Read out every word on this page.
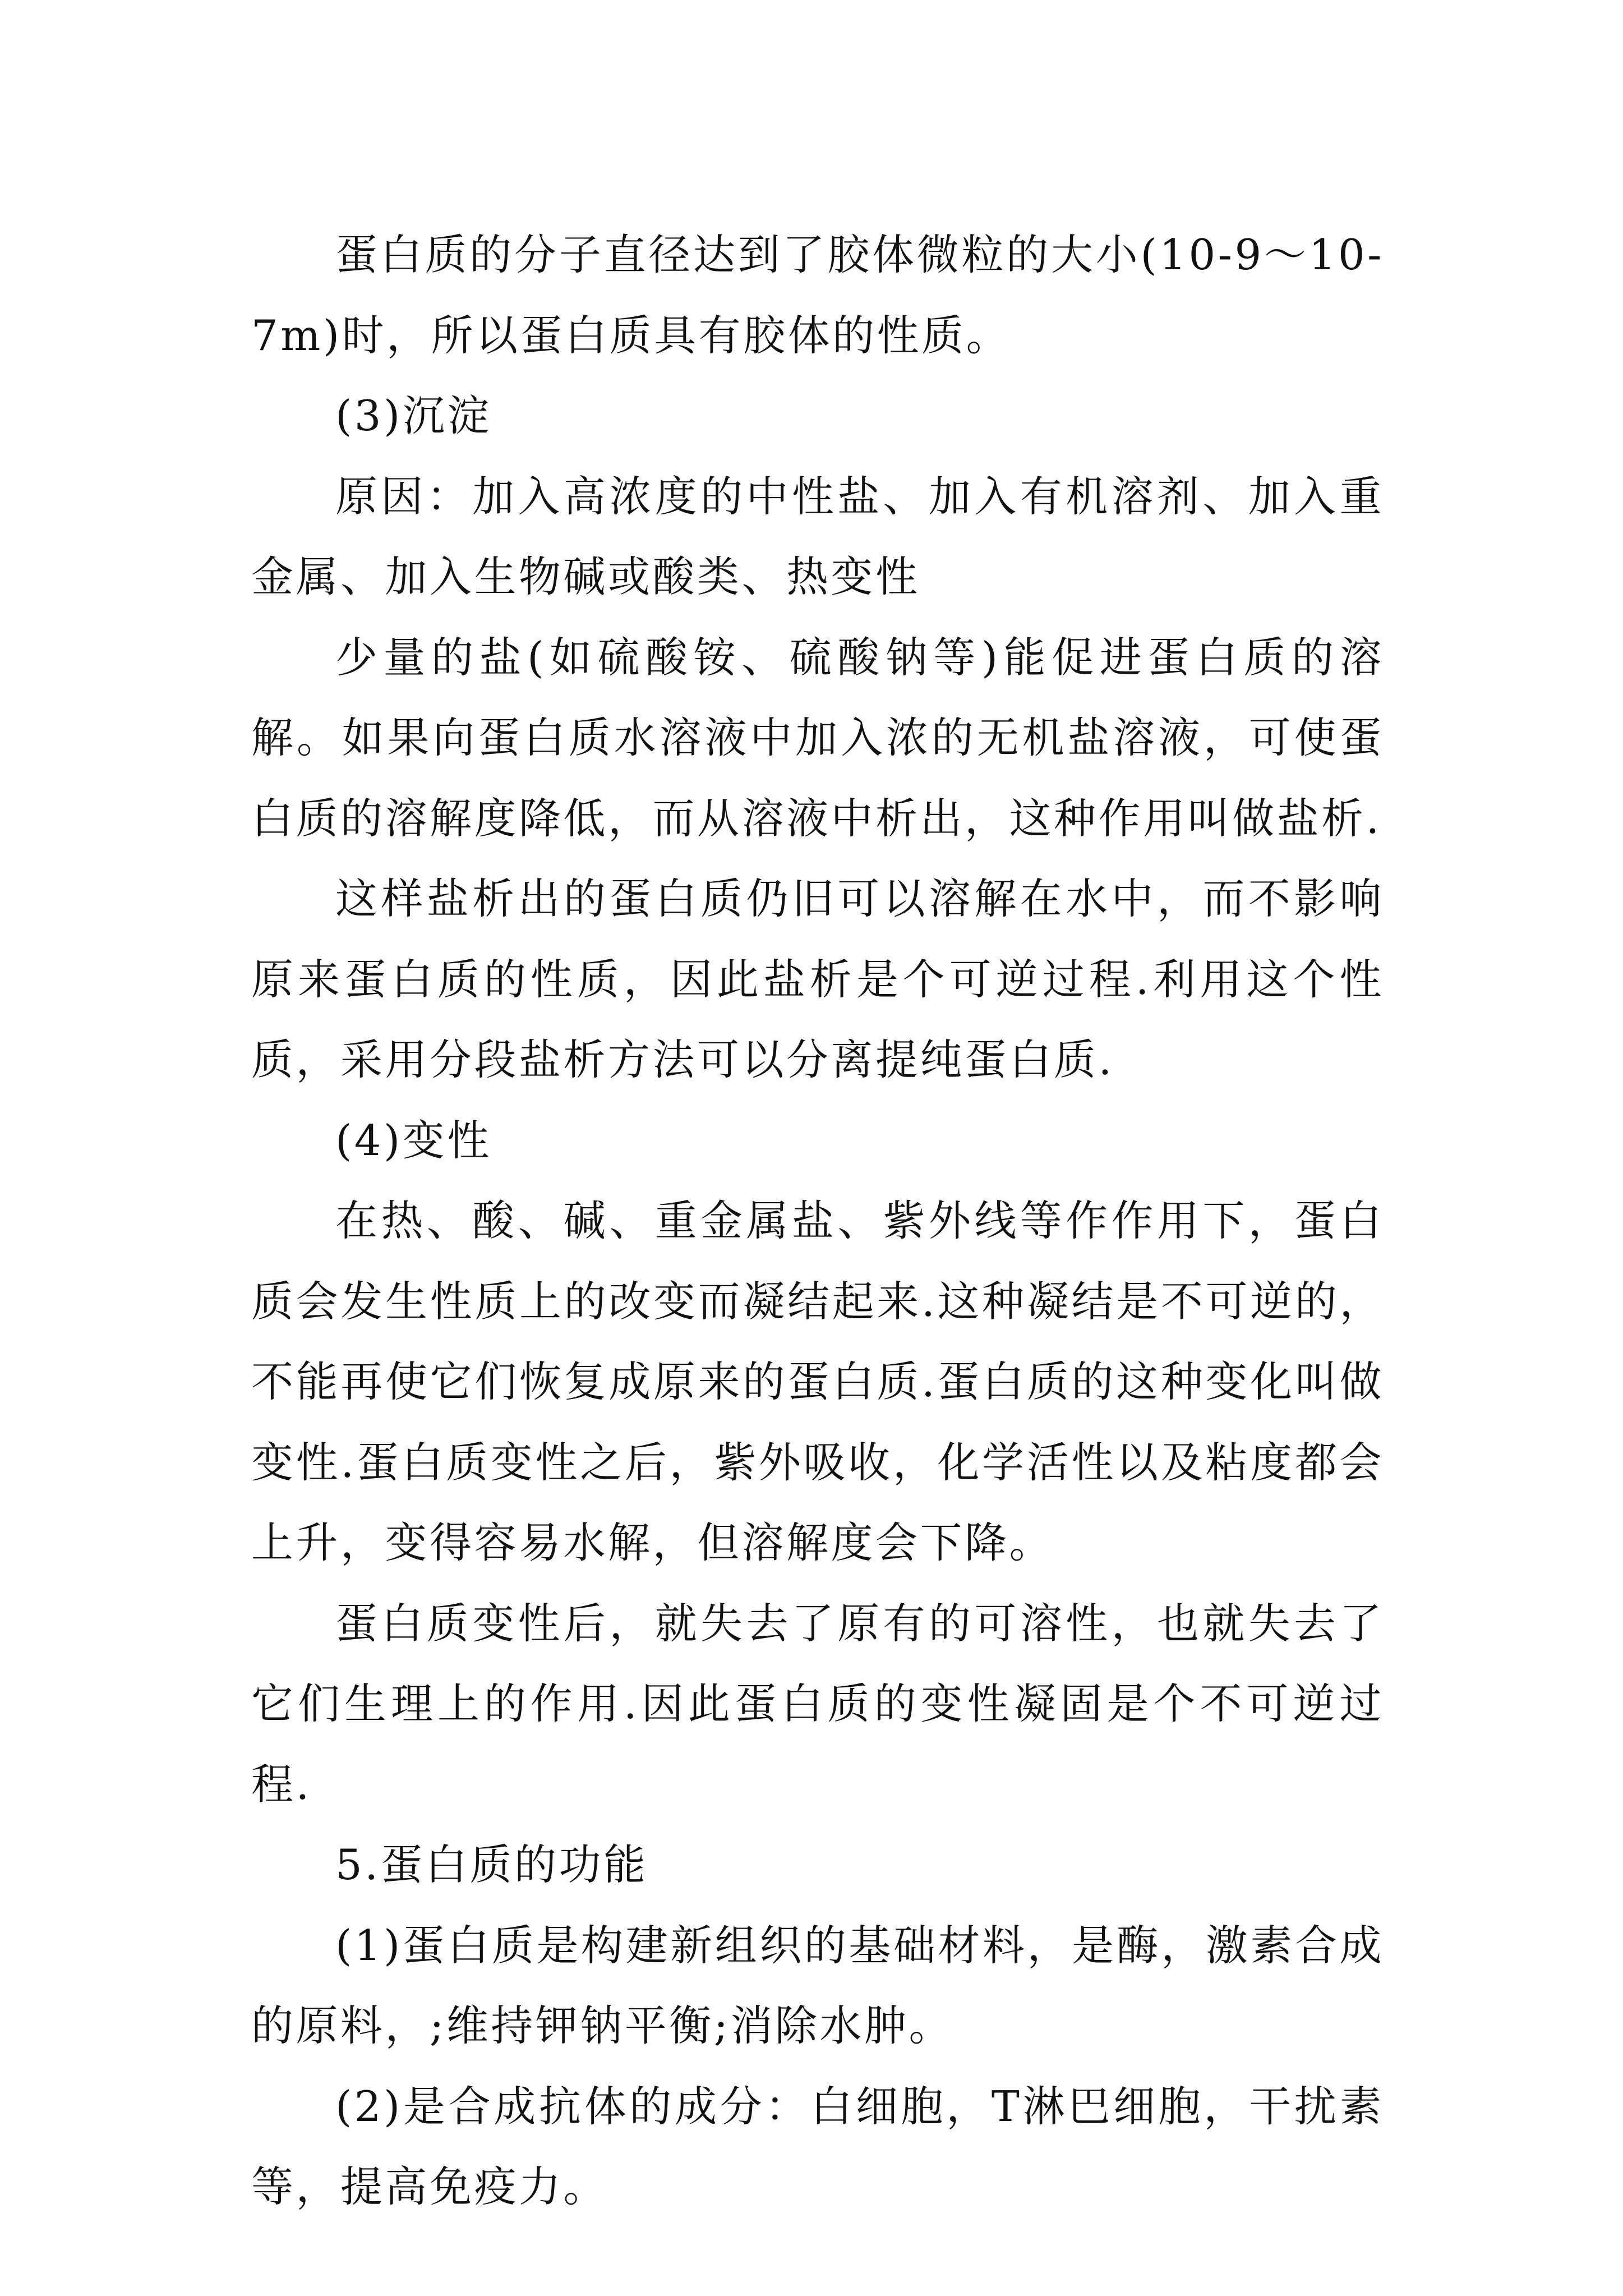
蛋白质的分子直径达到了胶体微粒的大小(10-9～10-7m)时，所以蛋白质具有胶体的性质。

(3)沉淀

原因：加入高浓度的中性盐、加入有机溶剂、加入重金属、加入生物碱或酸类、热变性

少量的盐(如硫酸铵、硫酸钠等)能促进蛋白质的溶解。如果向蛋白质水溶液中加入浓的无机盐溶液，可使蛋白质的溶解度降低，而从溶液中析出，这种作用叫做盐析.

这样盐析出的蛋白质仍旧可以溶解在水中，而不影响原来蛋白质的性质，因此盐析是个可逆过程.利用这个性质，采用分段盐析方法可以分离提纯蛋白质.

(4)变性

在热、酸、碱、重金属盐、紫外线等作作用下，蛋白质会发生性质上的改变而凝结起来.这种凝结是不可逆的，不能再使它们恢复成原来的蛋白质.蛋白质的这种变化叫做变性.蛋白质变性之后，紫外吸收，化学活性以及粘度都会上升，变得容易水解，但溶解度会下降。

蛋白质变性后，就失去了原有的可溶性，也就失去了它们生理上的作用.因此蛋白质的变性凝固是个不可逆过程.

5.蛋白质的功能

(1)蛋白质是构建新组织的基础材料，是酶，激素合成的原料，;维持钾钠平衡;消除水肿。

(2)是合成抗体的成分：白细胞，T淋巴细胞，干扰素等，提高免疫力。
